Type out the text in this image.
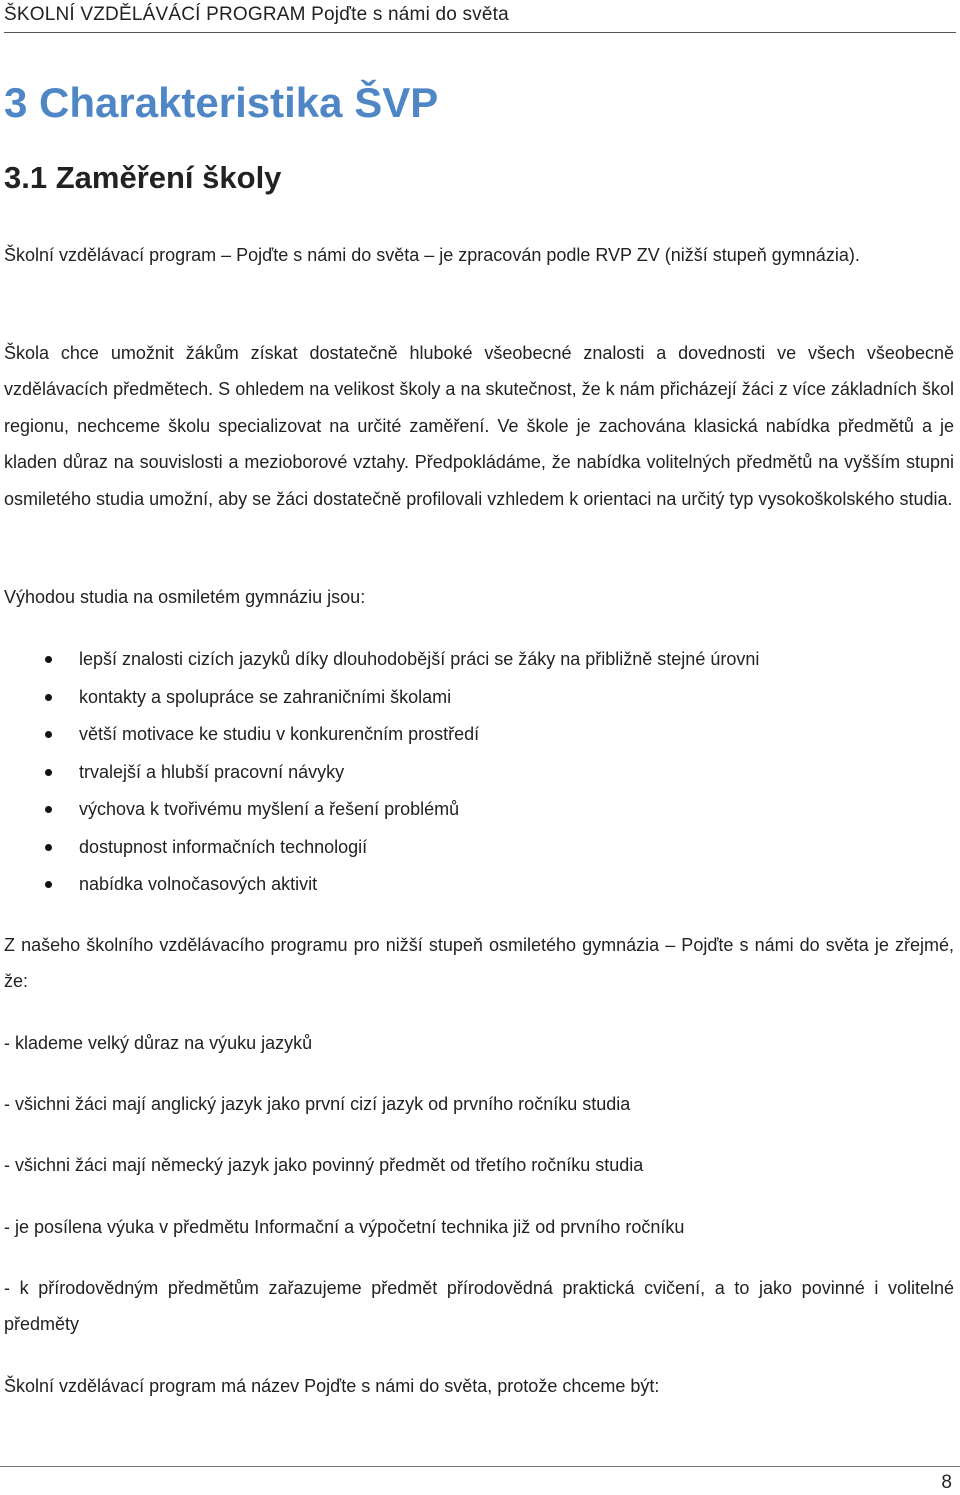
ŠKOLNÍ VZDĚLÁVÁCÍ PROGRAM Pojďte s námi do světa
3 Charakteristika ŠVP
3.1 Zaměření školy

Školní vzdělávací program – Pojďte s námi do světa – je zpracován podle RVP ZV (nižší stupeň gymnázia).

Škola chce umožnit žákům získat dostatečně hluboké všeobecné znalosti a dovednosti ve všech všeobecně vzdělávacích předmětech. S ohledem na velikost školy a na skutečnost, že k nám přicházejí žáci z více základních škol regionu, nechceme školu specializovat na určité zaměření. Ve škole je zachována klasická nabídka předmětů a je kladen důraz na souvislosti a mezioborové vztahy. Předpokládáme, že nabídka volitelných předmětů na vyšším stupni osmiletého studia umožní, aby se žáci dostatečně profilovali vzhledem k orientaci na určitý typ vysokoškolského studia.

Výhodou studia na osmiletém gymnáziu jsou:

lepší znalosti cizích jazyků díky dlouhodobější práci se žáky na přibližně stejné úrovni
kontakty a spolupráce se zahraničními školami
větší motivace ke studiu v konkurenčním prostředí
trvalejší a hlubší pracovní návyky
výchova k tvořivému myšlení a řešení problémů
dostupnost informačních technologií
nabídka volnočasových aktivit

Z našeho školního vzdělávacího programu pro nižší stupeň osmiletého gymnázia – Pojďte s námi do světa je zřejmé, že:

- klademe velký důraz na výuku jazyků

- všichni žáci mají anglický jazyk jako první cizí jazyk od prvního ročníku studia

- všichni žáci mají německý jazyk jako povinný předmět od třetího ročníku studia

- je posílena výuka v předmětu Informační a výpočetní technika již od prvního ročníku

- k přírodovědným předmětům zařazujeme předmět přírodovědná praktická cvičení, a to jako povinné i volitelné předměty

Školní vzdělávací program má název Pojďte s námi do světa, protože chceme být:

8
